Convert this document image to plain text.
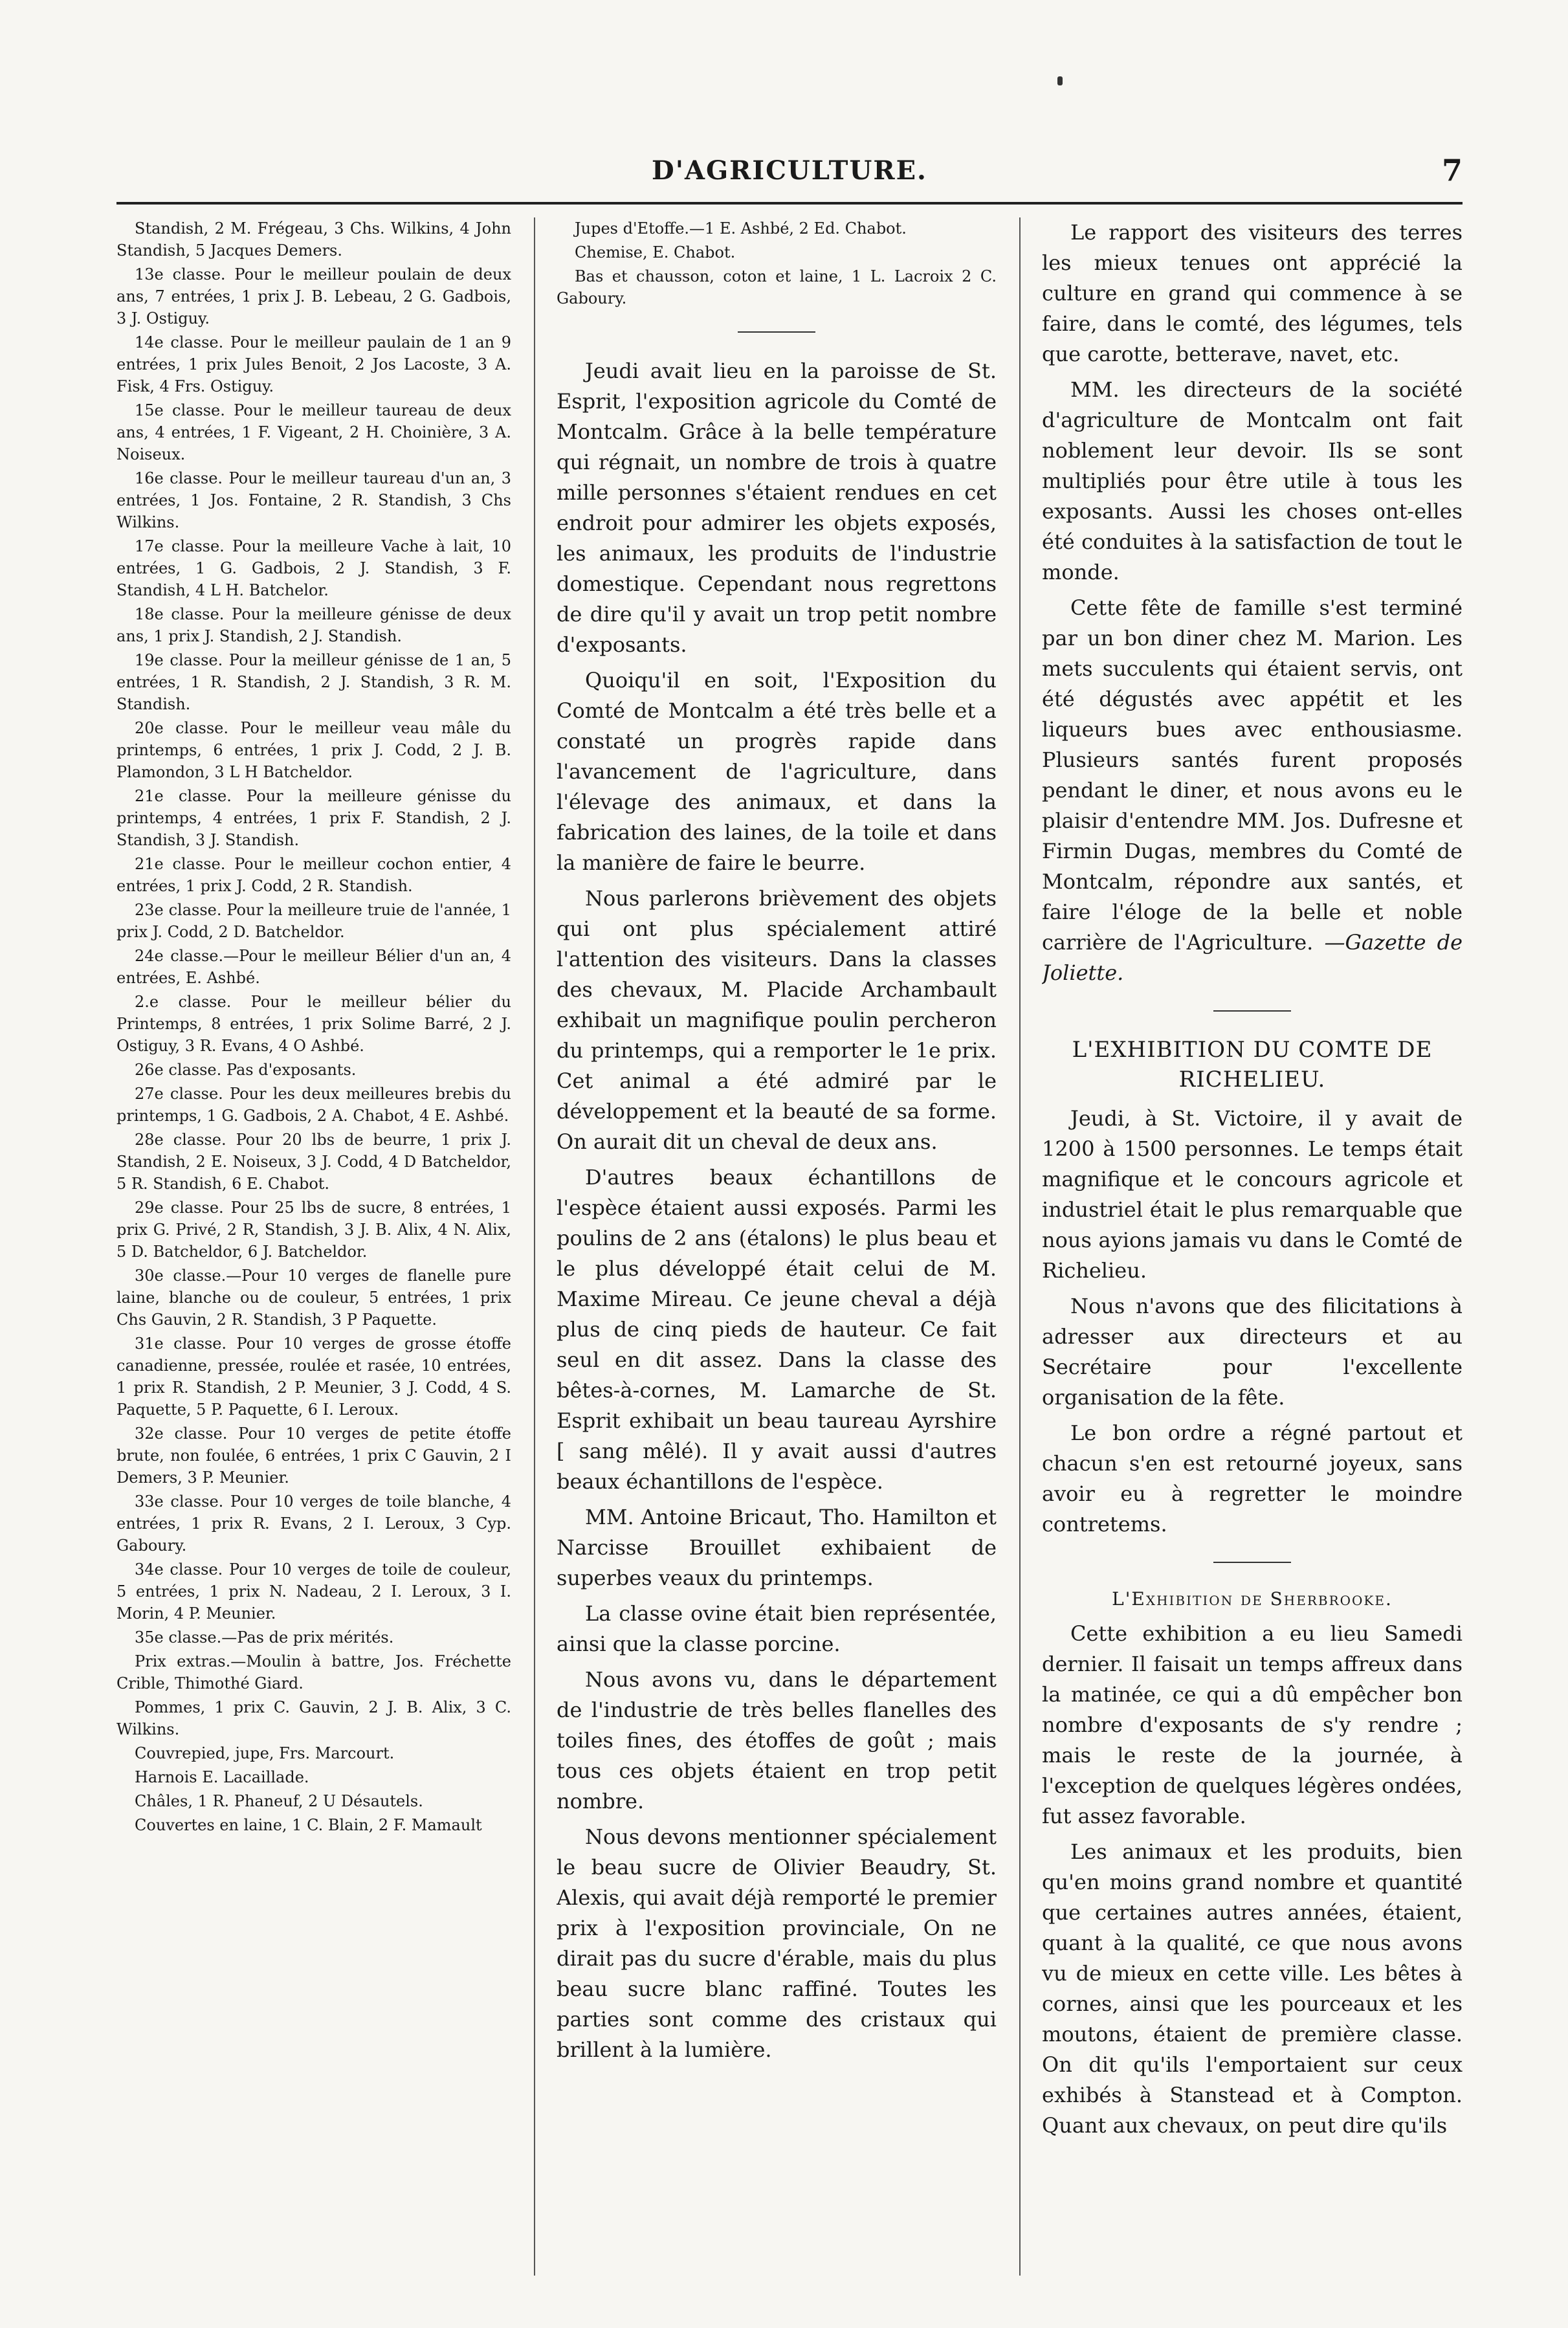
D'AGRICULTURE.	7

Standish, 2 M. Frégeau, 3 Chs. Wilkins, 4 John Standish, 5 Jacques Demers.

13e classe. Pour le meilleur poulain de deux ans, 7 entrées, 1 prix J. B. Lebeau, 2 G. Gadbois, 3 J. Ostiguy.

14e classe. Pour le meilleur paulain de 1 an 9 entrées, 1 prix Jules Benoit, 2 Jos Lacoste, 3 A. Fisk, 4 Frs. Ostiguy.

15e classe. Pour le meilleur taureau de deux ans, 4 entrées, 1 F. Vigeant, 2 H. Choinière, 3 A. Noiseux.

16e classe. Pour le meilleur taureau d'un an, 3 entrées, 1 Jos. Fontaine, 2 R. Standish, 3 Chs Wilkins.

17e classe. Pour la meilleure Vache à lait, 10 entrées, 1 G. Gadbois, 2 J. Standish, 3 F. Standish, 4 L H. Batchelor.

18e classe. Pour la meilleure génisse de deux ans, 1 prix J. Standish, 2 J. Standish.

19e classe. Pour la meilleur génisse de 1 an, 5 entrées, 1 R. Standish, 2 J. Standish, 3 R. M. Standish.

20e classe. Pour le meilleur veau mâle du printemps, 6 entrées, 1 prix J. Codd, 2 J. B. Plamondon, 3 L H Batcheldor.

21e classe. Pour la meilleure génisse du printemps, 4 entrées, 1 prix F. Standish, 2 J. Standish, 3 J. Standish.

21e classe. Pour le meilleur cochon entier, 4 entrées, 1 prix J. Codd, 2 R. Standish.

23e classe. Pour la meilleure truie de l'année, 1 prix J. Codd, 2 D. Batcheldor.

24e classe.—Pour le meilleur Bélier d'un an, 4 entrées, E. Ashbé.

2.e classe. Pour le meilleur bélier du Printemps, 8 entrées, 1 prix Solime Barré, 2 J. Ostiguy, 3 R. Evans, 4 O Ashbé.

26e classe. Pas d'exposants.

27e classe. Pour les deux meilleures brebis du printemps, 1 G. Gadbois, 2 A. Chabot, 4 E. Ashbé.

28e classe. Pour 20 lbs de beurre, 1 prix J. Standish, 2 E. Noiseux, 3 J. Codd, 4 D Batcheldor, 5 R. Standish, 6 E. Chabot.

29e classe. Pour 25 lbs de sucre, 8 entrées, 1 prix G. Privé, 2 R, Standish, 3 J. B. Alix, 4 N. Alix, 5 D. Batcheldor, 6 J. Batcheldor.

30e classe.—Pour 10 verges de flanelle pure laine, blanche ou de couleur, 5 entrées, 1 prix Chs Gauvin, 2 R. Standish, 3 P Paquette.

31e classe. Pour 10 verges de grosse étoffe canadienne, pressée, roulée et rasée, 10 entrées, 1 prix R. Standish, 2 P. Meunier, 3 J. Codd, 4 S. Paquette, 5 P. Paquette, 6 I. Leroux.

32e classe. Pour 10 verges de petite étoffe brute, non foulée, 6 entrées, 1 prix C Gauvin, 2 I Demers, 3 P. Meunier.

33e classe. Pour 10 verges de toile blanche, 4 entrées, 1 prix R. Evans, 2 I. Leroux, 3 Cyp. Gaboury.

34e classe. Pour 10 verges de toile de couleur, 5 entrées, 1 prix N. Nadeau, 2 I. Leroux, 3 I. Morin, 4 P. Meunier.

35e classe.—Pas de prix mérités.

Prix extras.—Moulin à battre, Jos. Fréchette Crible, Thimothé Giard.

Pommes, 1 prix C. Gauvin, 2 J. B. Alix, 3 C. Wilkins.

Couvrepied, jupe, Frs. Marcourt.

Harnois E. Lacaillade.

Châles, 1 R. Phaneuf, 2 U Désautels.

Couvertes en laine, 1 C. Blain, 2 F. Mamault

Jupes d'Etoffe.—1 E. Ashbé, 2 Ed. Chabot.

Chemise, E. Chabot.

Bas et chausson, coton et laine, 1 L. Lacroix 2 C. Gaboury.

Jeudi avait lieu en la paroisse de St. Esprit, l'exposition agricole du Comté de Montcalm. Grâce à la belle température qui régnait, un nombre de trois à quatre mille personnes s'étaient rendues en cet endroit pour admirer les objets exposés, les animaux, les produits de l'industrie domestique. Cependant nous regrettons de dire qu'il y avait un trop petit nombre d'exposants.

Quoiqu'il en soit, l'Exposition du Comté de Montcalm a été très belle et a constaté un progrès rapide dans l'avancement de l'agriculture, dans l'élevage des animaux, et dans la fabrication des laines, de la toile et dans la manière de faire le beurre.

Nous parlerons brièvement des objets qui ont plus spécialement attiré l'attention des visiteurs. Dans la classes des chevaux, M. Placide Archambault exhibait un magnifique poulin percheron du printemps, qui a remporter le 1e prix. Cet animal a été admiré par le développement et la beauté de sa forme. On aurait dit un cheval de deux ans.

D'autres beaux échantillons de l'espèce étaient aussi exposés. Parmi les poulins de 2 ans (étalons) le plus beau et le plus développé était celui de M. Maxime Mireau. Ce jeune cheval a déjà plus de cinq pieds de hauteur. Ce fait seul en dit assez. Dans la classe des bêtes-à-cornes, M. Lamarche de St. Esprit exhibait un beau taureau Ayrshire [ sang mêlé). Il y avait aussi d'autres beaux échantillons de l'espèce.

MM. Antoine Bricaut, Tho. Hamilton et Narcisse Brouillet exhibaient de superbes veaux du printemps.

La classe ovine était bien représentée, ainsi que la classe porcine.

Nous avons vu, dans le département de l'industrie de très belles flanelles des toiles fines, des étoffes de goût ; mais tous ces objets étaient en trop petit nombre.

Nous devons mentionner spécialement le beau sucre de Olivier Beaudry, St. Alexis, qui avait déjà remporté le premier prix à l'exposition provinciale, On ne dirait pas du sucre d'érable, mais du plus beau sucre blanc raffiné. Toutes les parties sont comme des cristaux qui brillent à la lumière.

Le rapport des visiteurs des terres les mieux tenues ont apprécié la culture en grand qui commence à se faire, dans le comté, des légumes, tels que carotte, betterave, navet, etc.

MM. les directeurs de la société d'agriculture de Montcalm ont fait noblement leur devoir. Ils se sont multipliés pour être utile à tous les exposants. Aussi les choses ont-elles été conduites à la satisfaction de tout le monde.

Cette fête de famille s'est terminé par un bon diner chez M. Marion. Les mets succulents qui étaient servis, ont été dégustés avec appétit et les liqueurs bues avec enthousiasme. Plusieurs santés furent proposés pendant le diner, et nous avons eu le plaisir d'entendre MM. Jos. Dufresne et Firmin Dugas, membres du Comté de Montcalm, répondre aux santés, et faire l'éloge de la belle et noble carrière de l'Agriculture. —Gazette de Joliette.

L'EXHIBITION DU COMTE DE RICHELIEU.

Jeudi, à St. Victoire, il y avait de 1200 à 1500 personnes. Le temps était magnifique et le concours agricole et industriel était le plus remarquable que nous ayions jamais vu dans le Comté de Richelieu.

Nous n'avons que des filicitations à adresser aux directeurs et au Secrétaire pour l'excellente organisation de la fête.

Le bon ordre a régné partout et chacun s'en est retourné joyeux, sans avoir eu à regretter le moindre contretems.

L'Exhibition de Sherbrooke.

Cette exhibition a eu lieu Samedi dernier. Il faisait un temps affreux dans la matinée, ce qui a dû empêcher bon nombre d'exposants de s'y rendre ; mais le reste de la journée, à l'exception de quelques légères ondées, fut assez favorable.

Les animaux et les produits, bien qu'en moins grand nombre et quantité que certaines autres années, étaient, quant à la qualité, ce que nous avons vu de mieux en cette ville. Les bêtes à cornes, ainsi que les pourceaux et les moutons, étaient de première classe. On dit qu'ils l'emportaient sur ceux exhibés à Stanstead et à Compton. Quant aux chevaux, on peut dire qu'ils
